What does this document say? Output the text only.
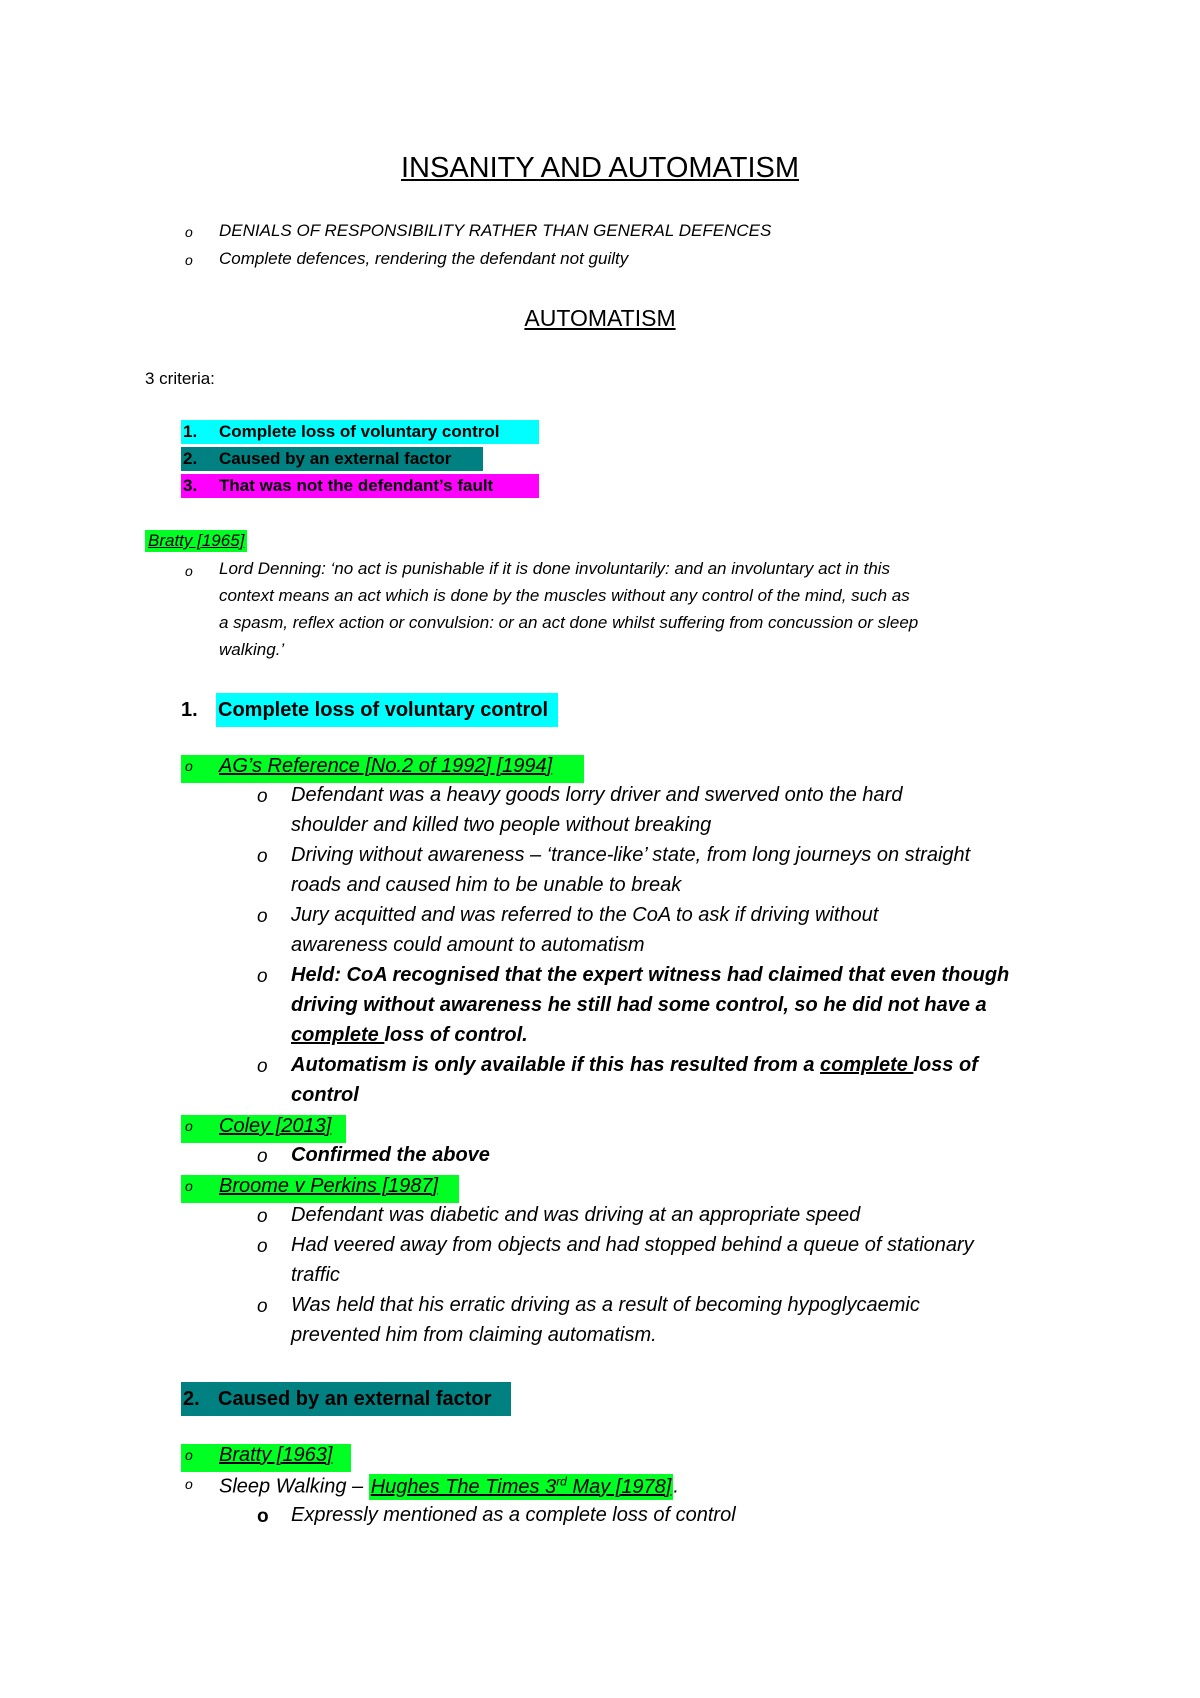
INSANITY AND AUTOMATISM
o DENIALS OF RESPONSIBILITY RATHER THAN GENERAL DEFENCES
o Complete defences, rendering the defendant not guilty
AUTOMATISM
3 criteria:
1. Complete loss of voluntary control
2. Caused by an external factor
3. That was not the defendant’s fault
Bratty [1965]
o Lord Denning: ‘no act is punishable if it is done involuntarily: and an involuntary act in this
context means an act which is done by the muscles without any control of the mind, such as
a spasm, reflex action or convulsion: or an act done whilst suffering from concussion or sleep
walking.’
1. Complete loss of voluntary control
o AG’s Reference [No.2 of 1992] [1994]
o Defendant was a heavy goods lorry driver and swerved onto the hard
shoulder and killed two people without breaking
o Driving without awareness – ‘trance-like’ state, from long journeys on straight
roads and caused him to be unable to break
o Jury acquitted and was referred to the CoA to ask if driving without
awareness could amount to automatism
o Held: CoA recognised that the expert witness had claimed that even though
driving without awareness he still had some control, so he did not have a
complete loss of control.
o Automatism is only available if this has resulted from a complete loss of
control
o Coley [2013]
o Confirmed the above
o Broome v Perkins [1987]
o Defendant was diabetic and was driving at an appropriate speed
o Had veered away from objects and had stopped behind a queue of stationary
traffic
o Was held that his erratic driving as a result of becoming hypoglycaemic
prevented him from claiming automatism.
2. Caused by an external factor
o Bratty [1963]
o Sleep Walking – Hughes The Times 3rd May [1978] .
o Expressly mentioned as a complete loss of control
